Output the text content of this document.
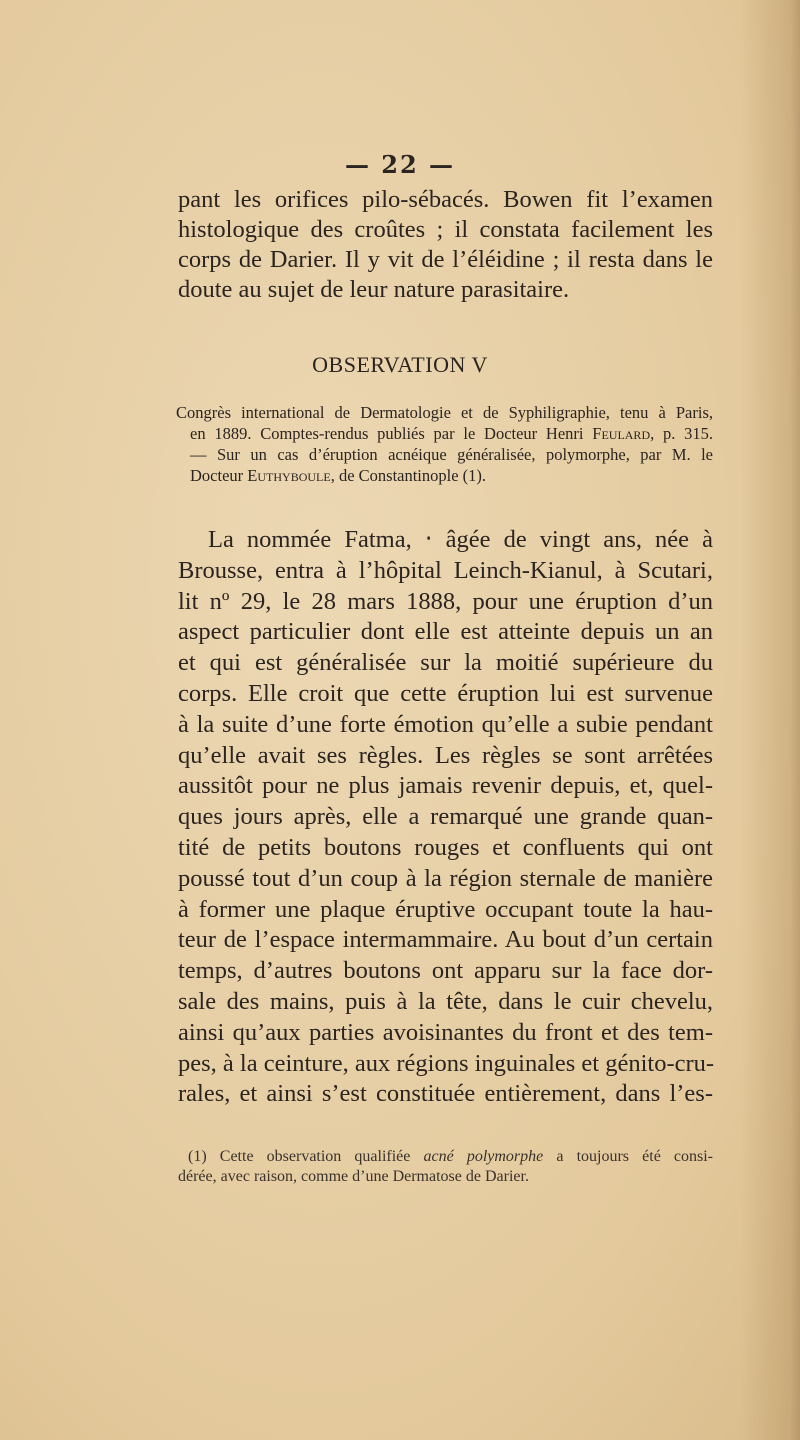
— 22 —
pant les orifices pilo-sébacés. Bowen fit l’examen
histologique des croûtes ; il constata facilement les
corps de Darier. Il y vit de l’éléidine ; il resta dans le
doute au sujet de leur nature parasitaire.
OBSERVATION V
Congrès international de Dermatologie et de Syphiligraphie, tenu à Paris,
en 1889. Comptes-rendus publiés par le Docteur Henri Feulard, p. 315.
— Sur un cas d’éruption acnéique généralisée, polymorphe, par M. le
Docteur Euthyboule, de Constantinople (1).
La nommée Fatma, ‧ âgée de vingt ans, née à
Brousse, entra à l’hôpital Leinch-Kianul, à Scutari,
lit nº 29, le 28 mars 1888, pour une éruption d’un
aspect particulier dont elle est atteinte depuis un an
et qui est généralisée sur la moitié supérieure du
corps. Elle croit que cette éruption lui est survenue
à la suite d’une forte émotion qu’elle a subie pendant
qu’elle avait ses règles. Les règles se sont arrêtées
aussitôt pour ne plus jamais revenir depuis, et, quel-
ques jours après, elle a remarqué une grande quan-
tité de petits boutons rouges et confluents qui ont
poussé tout d’un coup à la région sternale de manière
à former une plaque éruptive occupant toute la hau-
teur de l’espace intermammaire. Au bout d’un certain
temps, d’autres boutons ont apparu sur la face dor-
sale des mains, puis à la tête, dans le cuir chevelu,
ainsi qu’aux parties avoisinantes du front et des tem-
pes, à la ceinture, aux régions inguinales et génito-cru-
rales, et ainsi s’est constituée entièrement, dans l’es-
(1) Cette observation qualifiée acné polymorphe a toujours été consi-
dérée, avec raison, comme d’une Dermatose de Darier.
